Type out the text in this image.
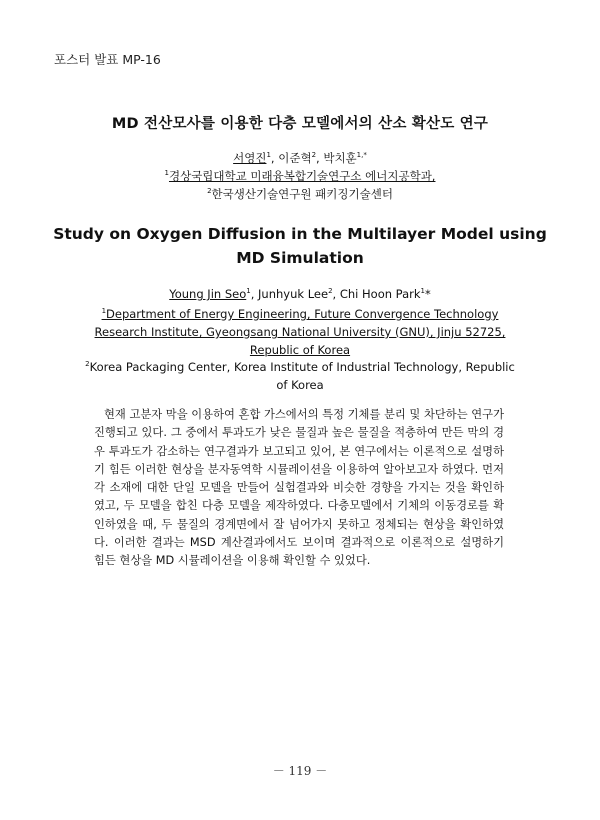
포스터 발표 MP-16
MD 전산모사를 이용한 다층 모델에서의 산소 확산도 연구
서영진$^1$, 이준혁$^2$, 박치훈$^{1,*}$
$^1$경상국립대학교 미래융복합기술연구소 에너지공학과,
$^2$한국생산기술연구원 패키징기술센터
Study on Oxygen Diffusion in the Multilayer Model using
MD Simulation
Young Jin Seo$^1$, Junhyuk Lee$^2$, Chi Hoon Park$^1$*
$^1$Department of Energy Engineering, Future Convergence Technology
Research Institute, Gyeongsang National University (GNU), Jinju 52725,
Republic of Korea
$^2$Korea Packaging Center, Korea Institute of Industrial Technology, Republic
of Korea

현재 고분자 막을 이용하여 혼합 가스에서의 특정 기체를 분리 및 차단하는 연구가 진행되고 있다. 그 중에서 투과도가 낮은 물질과 높은 물질을 적층하여 만든 막의 경우 투과도가 감소하는 연구결과가 보고되고 있어, 본 연구에서는 이론적으로 설명하기 힘든 이러한 현상을 분자동역학 시뮬레이션을 이용하여 알아보고자 하였다. 먼저 각 소재에 대한 단일 모델을 만들어 실험결과와 비슷한 경향을 가지는 것을 확인하였고, 두 모델을 합친 다층 모델을 제작하였다. 다층모델에서 기체의 이동경로를 확인하였을 때, 두 물질의 경계면에서 잘 넘어가지 못하고 정체되는 현상을 확인하였다. 이러한 결과는 MSD 계산결과에서도 보이며 결과적으로 이론적으로 설명하기 힘든 현상을 MD 시뮬레이션을 이용해 확인할 수 있었다.

－ 119 －
